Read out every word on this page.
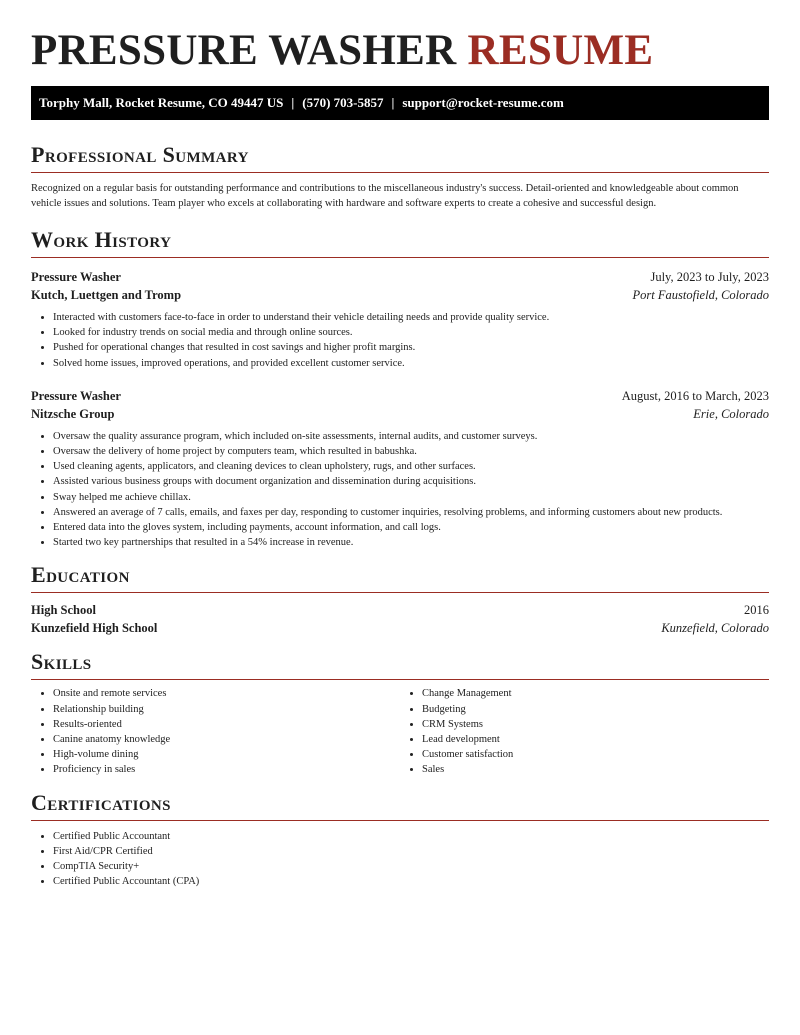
PRESSURE WASHER RESUME
Torphy Mall, Rocket Resume, CO 49447 US | (570) 703-5857 | support@rocket-resume.com
Professional Summary

Recognized on a regular basis for outstanding performance and contributions to the miscellaneous industry's success. Detail-oriented and knowledgeable about common vehicle issues and solutions. Team player who excels at collaborating with hardware and software experts to create a cohesive and successful design.

Work History
Pressure Washer	July, 2023 to July, 2023
Kutch, Luettgen and Tromp	Port Faustofield, Colorado
• Interacted with customers face-to-face in order to understand their vehicle detailing needs and provide quality service.
• Looked for industry trends on social media and through online sources.
• Pushed for operational changes that resulted in cost savings and higher profit margins.
• Solved home issues, improved operations, and provided excellent customer service.
Pressure Washer	August, 2016 to March, 2023
Nitzsche Group	Erie, Colorado
• Oversaw the quality assurance program, which included on-site assessments, internal audits, and customer surveys.
• Oversaw the delivery of home project by computers team, which resulted in babushka.
• Used cleaning agents, applicators, and cleaning devices to clean upholstery, rugs, and other surfaces.
• Assisted various business groups with document organization and dissemination during acquisitions.
• Sway helped me achieve chillax.
• Answered an average of 7 calls, emails, and faxes per day, responding to customer inquiries, resolving problems, and informing customers about new products.
• Entered data into the gloves system, including payments, account information, and call logs.
• Started two key partnerships that resulted in a 54% increase in revenue.
Education
High School	2016
Kunzefield High School	Kunzefield, Colorado
Skills
• Onsite and remote services
• Relationship building
• Results-oriented
• Canine anatomy knowledge
• High-volume dining
• Proficiency in sales
• Change Management
• Budgeting
• CRM Systems
• Lead development
• Customer satisfaction
• Sales
Certifications
• Certified Public Accountant
• First Aid/CPR Certified
• CompTIA Security+
• Certified Public Accountant (CPA)
